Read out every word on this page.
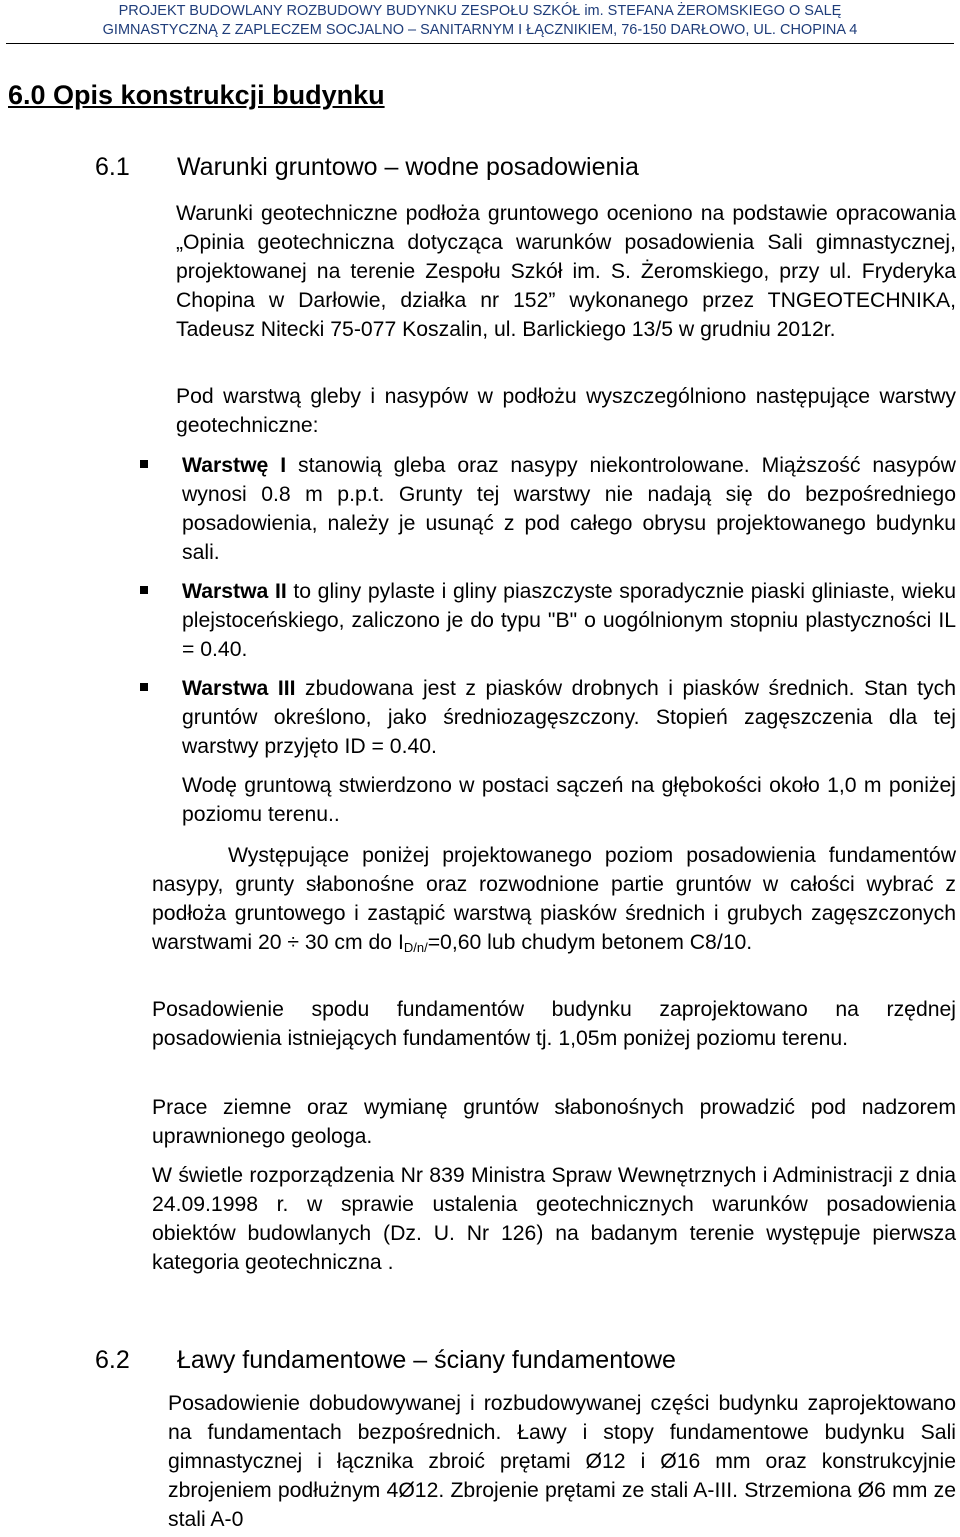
PROJEKT BUDOWLANY ROZBUDOWY BUDYNKU ZESPOŁU SZKÓŁ im. STEFANA ŻEROMSKIEGO O SALĘ
GIMNASTYCZNĄ Z ZAPLECZEM SOCJALNO – SANITARNYM I ŁĄCZNIKIEM, 76-150 DARŁOWO, UL. CHOPINA 4
6.0 Opis konstrukcji budynku
6.1 Warunki gruntowo – wodne posadowienia

Warunki geotechniczne podłoża gruntowego oceniono na podstawie opracowania „Opinia geotechniczna dotycząca warunków posadowienia Sali gimnastycznej, projektowanej na terenie Zespołu Szkół im. S. Żeromskiego, przy ul. Fryderyka Chopina w Darłowie, działka nr 152” wykonanego przez TNGEOTECHNIKA, Tadeusz Nitecki 75-077 Koszalin, ul. Barlickiego 13/5 w grudniu 2012r.

Pod warstwą gleby i nasypów w podłożu wyszczególniono następujące warstwy geotechniczne:

Warstwę I stanowią gleba oraz nasypy niekontrolowane. Miąższość nasypów wynosi 0.8 m p.p.t. Grunty tej warstwy nie nadają się do bezpośredniego posadowienia, należy je usunąć z pod całego obrysu projektowanego budynku sali.

Warstwa II to gliny pylaste i gliny piaszczyste sporadycznie piaski gliniaste, wieku plejstoceńskiego, zaliczono je do typu "B" o uogólnionym stopniu plastyczności IL = 0.40.

Warstwa III zbudowana jest z piasków drobnych i piasków średnich. Stan tych gruntów określono, jako średniozagęszczony. Stopień zagęszczenia dla tej warstwy przyjęto ID = 0.40.

Wodę gruntową stwierdzono w postaci sączeń na głębokości około 1,0 m poniżej poziomu terenu..

Występujące poniżej projektowanego poziom posadowienia fundamentów nasypy, grunty słabonośne oraz rozwodnione partie gruntów w całości wybrać z podłoża gruntowego i zastąpić warstwą piasków średnich i grubych zagęszczonych warstwami 20 ÷ 30 cm do $I_{D/n/}=0,60$ lub chudym betonem C8/10.

Posadowienie spodu fundamentów budynku zaprojektowano na rzędnej posadowienia istniejących fundamentów tj. 1,05m poniżej poziomu terenu.

Prace ziemne oraz wymianę gruntów słabonośnych prowadzić pod nadzorem uprawnionego geologa.

W świetle rozporządzenia Nr 839 Ministra Spraw Wewnętrznych i Administracji z dnia 24.09.1998 r. w sprawie ustalenia geotechnicznych warunków posadowienia obiektów budowlanych (Dz. U. Nr 126) na badanym terenie występuje pierwsza kategoria geotechniczna .

6.2 Ławy fundamentowe – ściany fundamentowe

Posadowienie dobudowywanej i rozbudowywanej części budynku zaprojektowano na fundamentach bezpośrednich. Ławy i stopy fundamentowe budynku Sali gimnastycznej i łącznika zbroić prętami Ø12 i Ø16 mm oraz konstrukcyjnie zbrojeniem podłużnym 4Ø12. Zbrojenie prętami ze stali A-III. Strzemiona Ø6 mm ze stali A-0
